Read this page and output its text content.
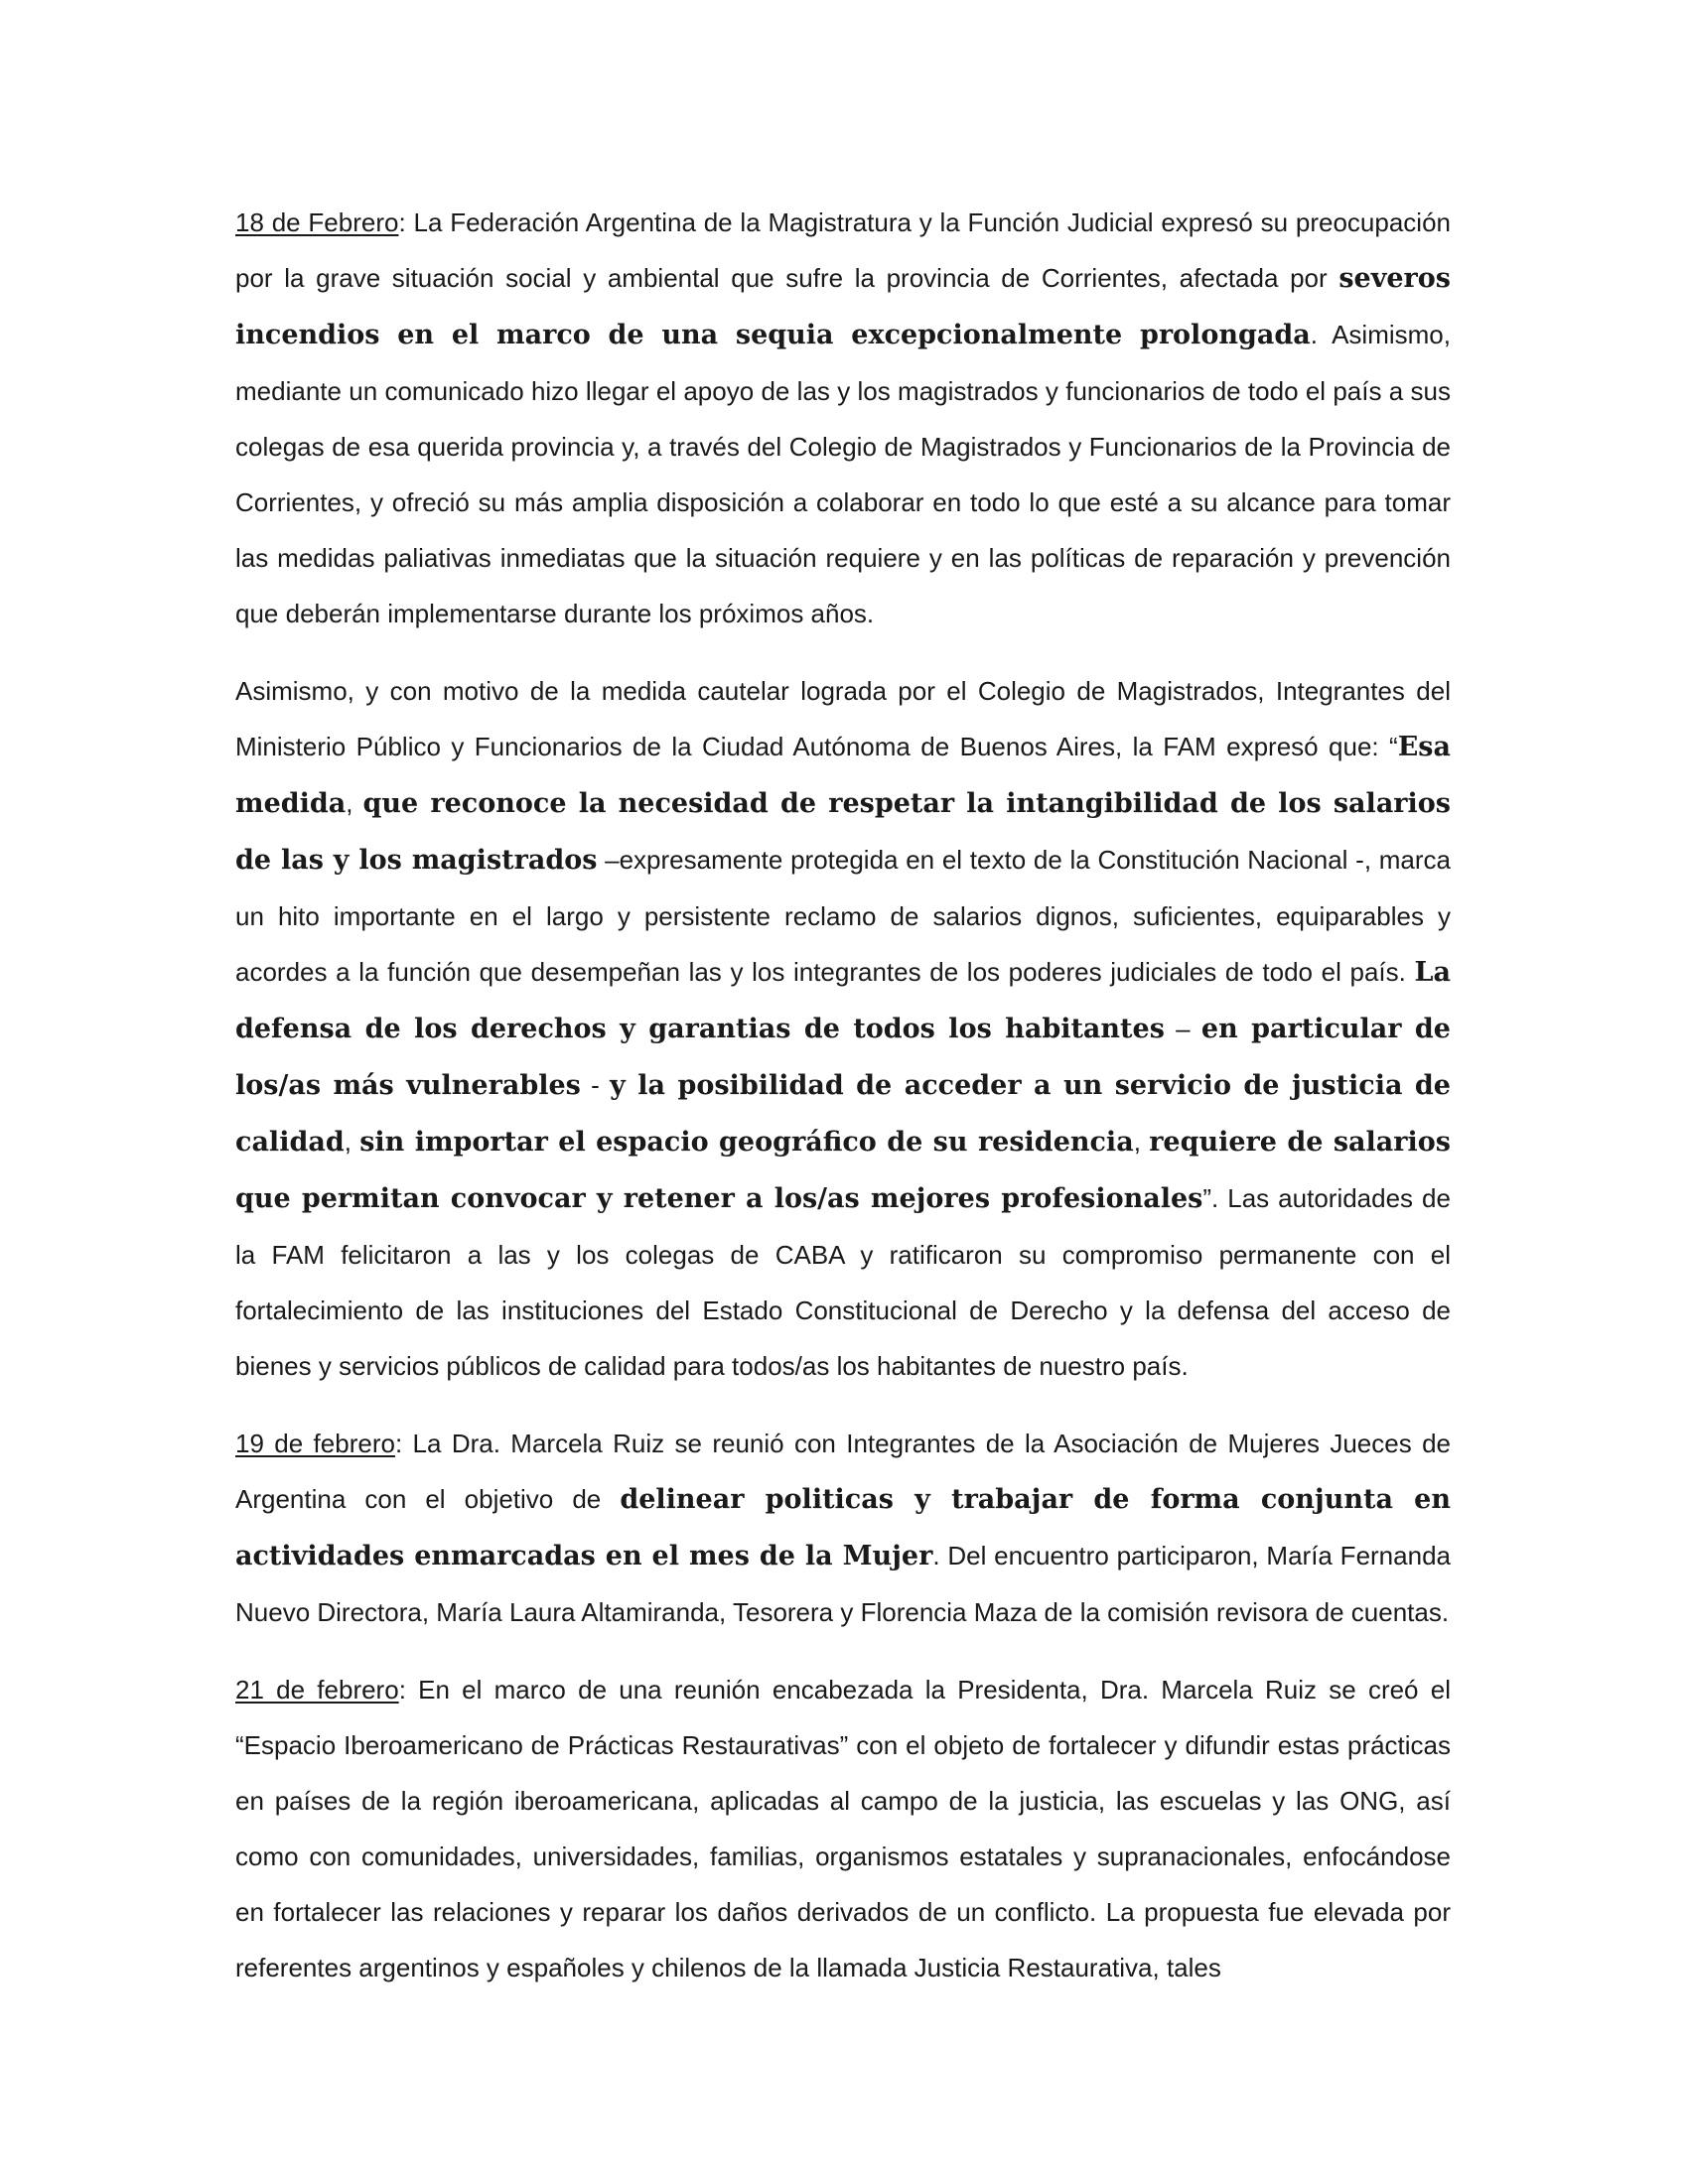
18 de Febrero: La Federación Argentina de la Magistratura y la Función Judicial expresó su preocupación por la grave situación social y ambiental que sufre la provincia de Corrientes, afectada por severos incendios en el marco de una sequia excepcionalmente prolongada. Asimismo, mediante un comunicado hizo llegar el apoyo de las y los magistrados y funcionarios de todo el país a sus colegas de esa querida provincia y, a través del Colegio de Magistrados y Funcionarios de la Provincia de Corrientes, y ofreció su más amplia disposición a colaborar en todo lo que esté a su alcance para tomar las medidas paliativas inmediatas que la situación requiere y en las políticas de reparación y prevención que deberán implementarse durante los próximos años.

Asimismo, y con motivo de la medida cautelar lograda por el Colegio de Magistrados, Integrantes del Ministerio Público y Funcionarios de la Ciudad Autónoma de Buenos Aires, la FAM expresó que: “Esa medida, que reconoce la necesidad de respetar la intangibilidad de los salarios de las y los magistrados –expresamente protegida en el texto de la Constitución Nacional -, marca un hito importante en el largo y persistente reclamo de salarios dignos, suficientes, equiparables y acordes a la función que desempeñan las y los integrantes de los poderes judiciales de todo el país. La defensa de los derechos y garantias de todos los habitantes – en particular de los/as más vulnerables - y la posibilidad de acceder a un servicio de justicia de calidad, sin importar el espacio geográfico de su residencia, requiere de salarios que permitan convocar y retener a los/as mejores profesionales”. Las autoridades de la FAM felicitaron a las y los colegas de CABA y ratificaron su compromiso permanente con el fortalecimiento de las instituciones del Estado Constitucional de Derecho y la defensa del acceso de bienes y servicios públicos de calidad para todos/as los habitantes de nuestro país.

19 de febrero: La Dra. Marcela Ruiz se reunió con Integrantes de la Asociación de Mujeres Jueces de Argentina con el objetivo de delinear politicas y trabajar de forma conjunta en actividades enmarcadas en el mes de la Mujer. Del encuentro participaron, María Fernanda Nuevo Directora, María Laura Altamiranda, Tesorera y Florencia Maza de la comisión revisora de cuentas.

21 de febrero: En el marco de una reunión encabezada la Presidenta, Dra. Marcela Ruiz se creó el “Espacio Iberoamericano de Prácticas Restaurativas” con el objeto de fortalecer y difundir estas prácticas en países de la región iberoamericana, aplicadas al campo de la justicia, las escuelas y las ONG, así como con comunidades, universidades, familias, organismos estatales y supranacionales, enfocándose en fortalecer las relaciones y reparar los daños derivados de un conflicto. La propuesta fue elevada por referentes argentinos y españoles y chilenos de la llamada Justicia Restaurativa, tales
